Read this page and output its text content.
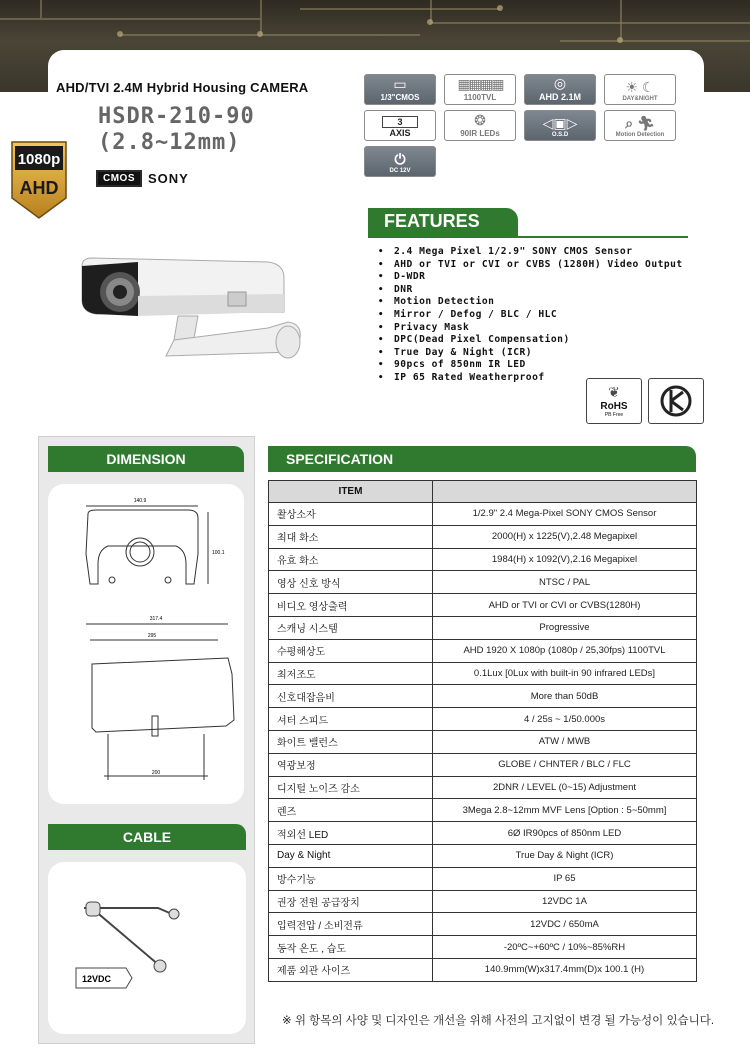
AHD/TVI 2.4M Hybrid Housing CAMERA
HSDR-210-90
(2.8~12mm)
1080p
AHD	CMOS	SONY
▭
1/3"CMOS
▦▦▦▦
1100TVL
◎
AHD 2.1M
☀ ☾
DAY&NIGHT
3
AXIS
❂
90IR LEDs
◁▣▷
O.S.D
⌕ 🏃︎
Motion Detection
⏻
DC 12V
FEATURES
• 2.4 Mega Pixel 1/2.9" SONY CMOS Sensor
• AHD or TVI or CVI or CVBS (1280H) Video Output
• D-WDR
• DNR
• Motion Detection
• Mirror / Defog / BLC / HLC
• Privacy Mask
• DPC(Dead Pixel Compensation)
• True Day & Night (ICR)
• 90pcs of 850nm IR LED
• IP 65 Rated Weatherproof
❦
RoHS
PB Free
DIMENSION
140.9
100.1
317.4
295
200
CABLE
12VDC
SPECIFICATION
ITEM	
촬상소자	1/2.9" 2.4 Mega-Pixel SONY CMOS Sensor
최대 화소	2000(H) x 1225(V),2.48 Megapixel
유효 화소	1984(H) x 1092(V),2.16 Megapixel
영상 신호 방식	NTSC / PAL
비디오 영상출력	AHD or TVI or CVI or CVBS(1280H)
스캐닝 시스템	Progressive
수평해상도	AHD 1920 X 1080p (1080p / 25,30fps) 1100TVL
최저조도	0.1Lux [0Lux with built-in 90 infrared LEDs]
신호대잡음비	More than 50dB
셔터 스피드	4 / 25s ~ 1/50.000s
화이트 밸런스	ATW / MWB
역광보정	GLOBE / CHNTER / BLC / FLC
디지털 노이즈 감소	2DNR / LEVEL (0~15) Adjustment
렌즈	3Mega 2.8~12mm MVF Lens [Option : 5~50mm]
적외선 LED	6Ø IR90pcs of 850nm LED
Day & Night	True Day & Night (ICR)
방수기능	IP 65
권장 전원 공급장치	12VDC 1A
입력전압 / 소비전류	12VDC / 650mA
동작 온도 , 습도	-20ºC~+60ºC / 10%~85%RH
제품 외관 사이즈	140.9mm(W)x317.4mm(D)x 100.1 (H)
※ 위 항목의 사양 및 디자인은 개선을 위해 사전의 고지없이 변경 될 가능성이 있습니다.
